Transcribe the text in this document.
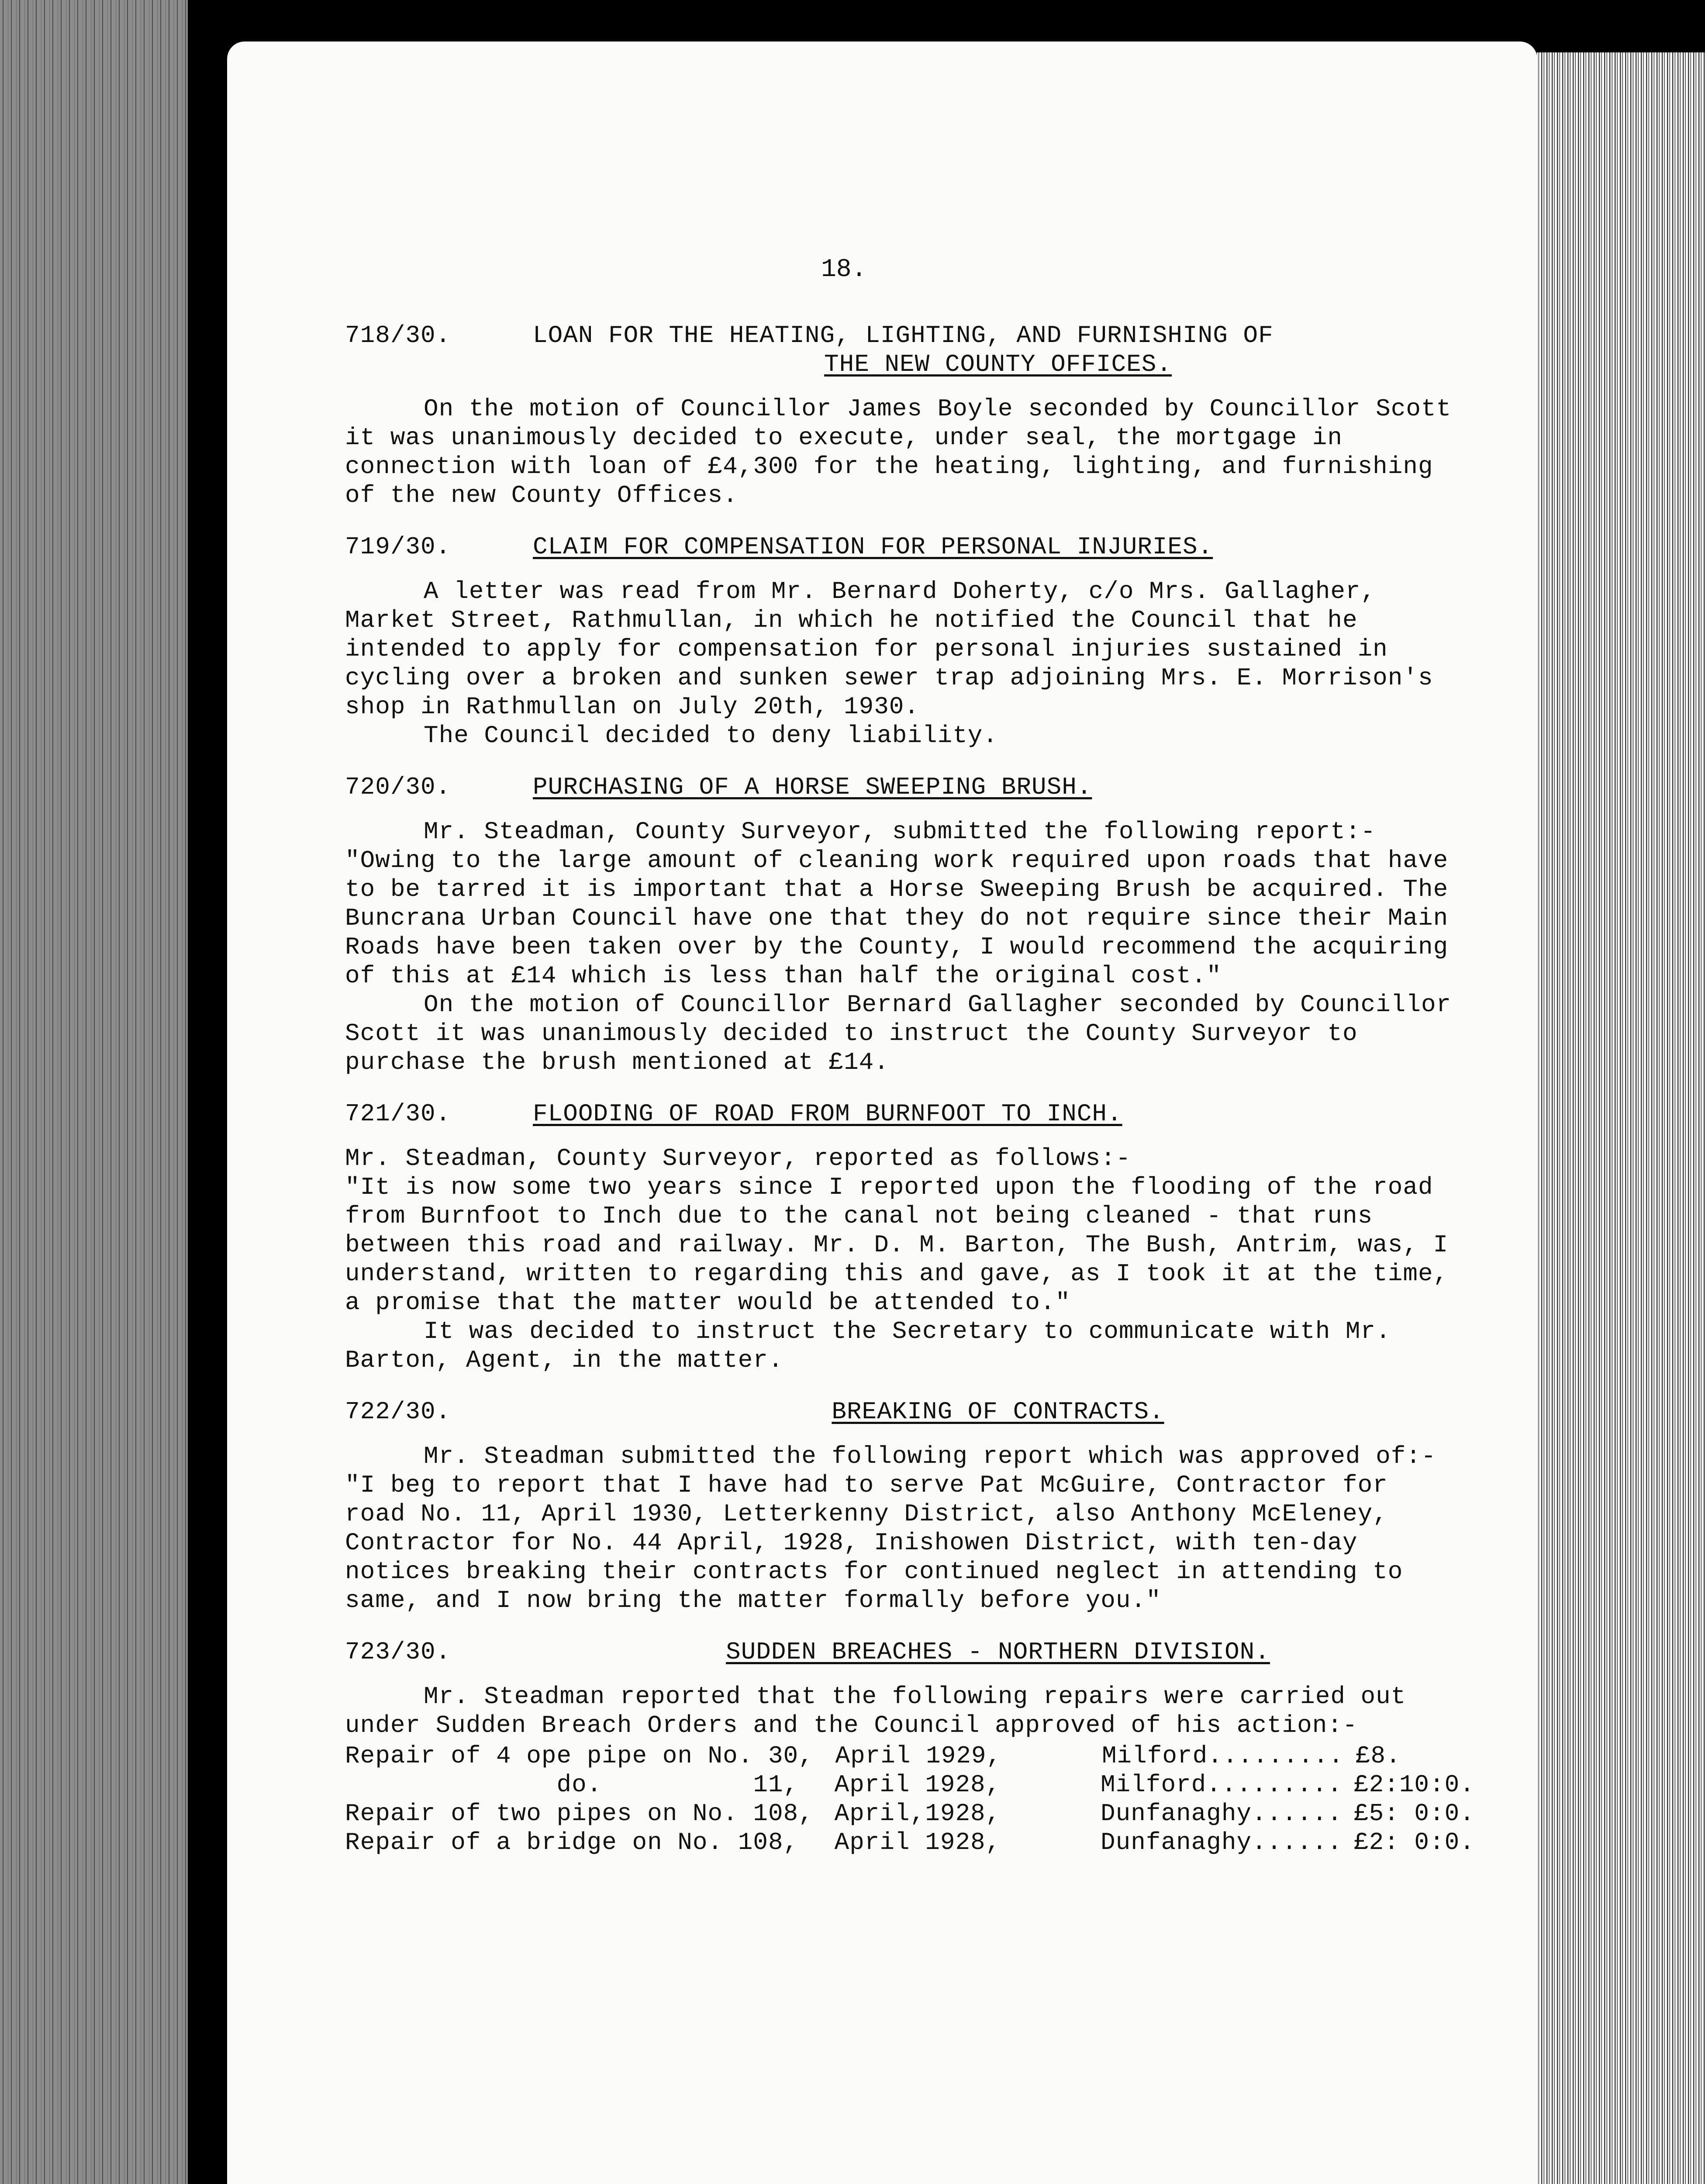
18.
718/30.	LOAN FOR THE HEATING, LIGHTING, AND FURNISHING OF
THE NEW COUNTY OFFICES.

On the motion of Councillor James Boyle seconded by Councillor Scott it was unanimously decided to execute, under seal, the mortgage in connection with loan of £4,300 for the heating, lighting, and furnishing of the new County Offices.

719/30.	CLAIM FOR COMPENSATION FOR PERSONAL INJURIES.

A letter was read from Mr. Bernard Doherty, c/o Mrs. Gallagher, Market Street, Rathmullan, in which he notified the Council that he intended to apply for compensation for personal injuries sustained in cycling over a broken and sunken sewer trap adjoining Mrs. E. Morrison's shop in Rathmullan on July 20th, 1930.

The Council decided to deny liability.

720/30.	PURCHASING OF A HORSE SWEEPING BRUSH.

Mr. Steadman, County Surveyor, submitted the following report:-

"Owing to the large amount of cleaning work required upon roads that have to be tarred it is important that a Horse Sweeping Brush be acquired. The Buncrana Urban Council have one that they do not require since their Main Roads have been taken over by the County, I would recommend the acquiring of this at £14 which is less than half the original cost."

On the motion of Councillor Bernard Gallagher seconded by Councillor Scott it was unanimously decided to instruct the County Surveyor to purchase the brush mentioned at £14.

721/30.	FLOODING OF ROAD FROM BURNFOOT TO INCH.

Mr. Steadman, County Surveyor, reported as follows:-

"It is now some two years since I reported upon the flooding of the road from Burnfoot to Inch due to the canal not being cleaned - that runs between this road and railway. Mr. D. M. Barton, The Bush, Antrim, was, I understand, written to regarding this and gave, as I took it at the time, a promise that the matter would be attended to."

It was decided to instruct the Secretary to communicate with Mr. Barton, Agent, in the matter.

722/30.	BREAKING OF CONTRACTS.

Mr. Steadman submitted the following report which was approved of:-

"I beg to report that I have had to serve Pat McGuire, Contractor for road No. 11, April 1930, Letterkenny District, also Anthony McEleney, Contractor for No. 44 April, 1928, Inishowen District, with ten-day notices breaking their contracts for continued neglect in attending to same, and I now bring the matter formally before you."

723/30.	SUDDEN BREACHES - NORTHERN DIVISION.

Mr. Steadman reported that the following repairs were carried out under Sudden Breach Orders and the Council approved of his action:-

Repair of 4 ope pipe on No. 30, April 1929,	Milford......... £8.
do.          11,	April 1928,	Milford......... £2:10:0.
Repair of two pipes on No. 108, April,1928,	Dunfanaghy...... £5: 0:0.
Repair of a bridge on No. 108,	April 1928,	Dunfanaghy...... £2: 0:0.
